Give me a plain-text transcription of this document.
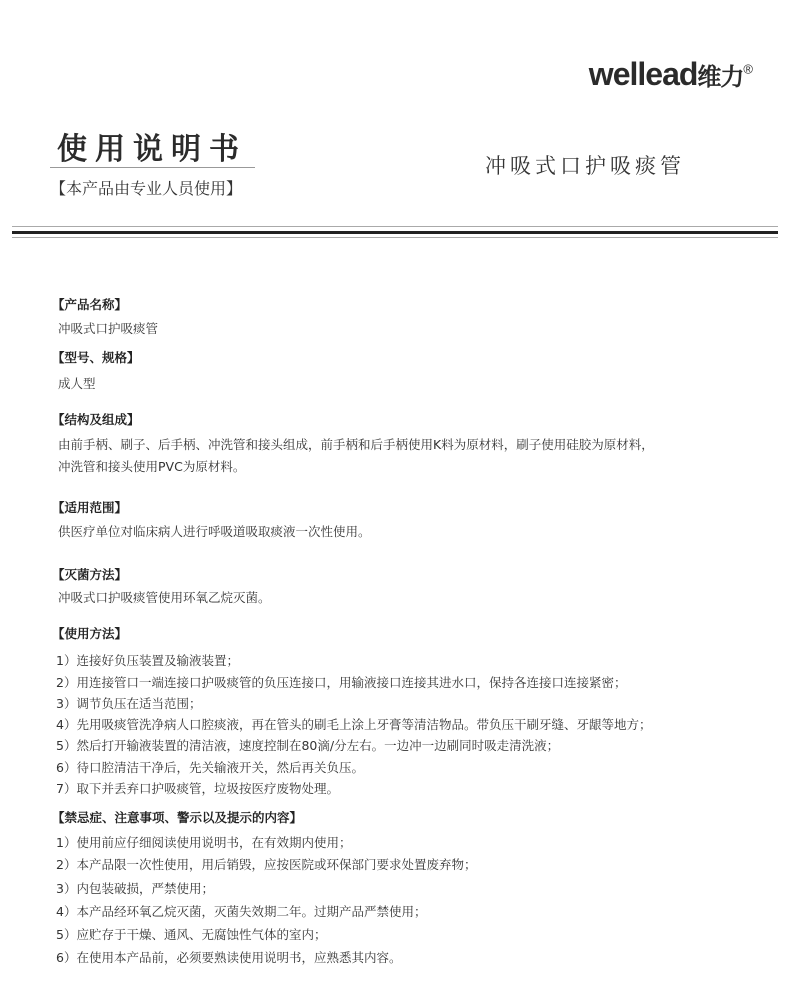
wellead维力®
使用说明书
【本产品由专业人员使用】
冲吸式口护吸痰管
【产品名称】
冲吸式口护吸痰管
【型号、规格】
成人型
【结构及组成】
由前手柄、刷子、后手柄、冲洗管和接头组成，前手柄和后手柄使用K料为原材料，刷子使用硅胶为原材料，
冲洗管和接头使用PVC为原材料。
【适用范围】
供医疗单位对临床病人进行呼吸道吸取痰液一次性使用。
【灭菌方法】
冲吸式口护吸痰管使用环氧乙烷灭菌。
【使用方法】
1）连接好负压装置及输液装置；
2）用连接管口一端连接口护吸痰管的负压连接口，用输液接口连接其进水口，保持各连接口连接紧密；
3）调节负压在适当范围；
4）先用吸痰管洗净病人口腔痰液，再在管头的刷毛上涂上牙膏等清洁物品。带负压干刷牙缝、牙龈等地方；
5）然后打开输液装置的清洁液，速度控制在80滴/分左右。一边冲一边刷同时吸走清洗液；
6）待口腔清洁干净后，先关输液开关，然后再关负压。
7）取下并丢弃口护吸痰管，垃圾按医疗废物处理。
【禁忌症、注意事项、警示以及提示的内容】
1）使用前应仔细阅读使用说明书，在有效期内使用；
2）本产品限一次性使用，用后销毁，应按医院或环保部门要求处置废弃物；
3）内包装破损，严禁使用；
4）本产品经环氧乙烷灭菌，灭菌失效期二年。过期产品严禁使用；
5）应贮存于干燥、通风、无腐蚀性气体的室内；
6）在使用本产品前，必须要熟读使用说明书，应熟悉其内容。
